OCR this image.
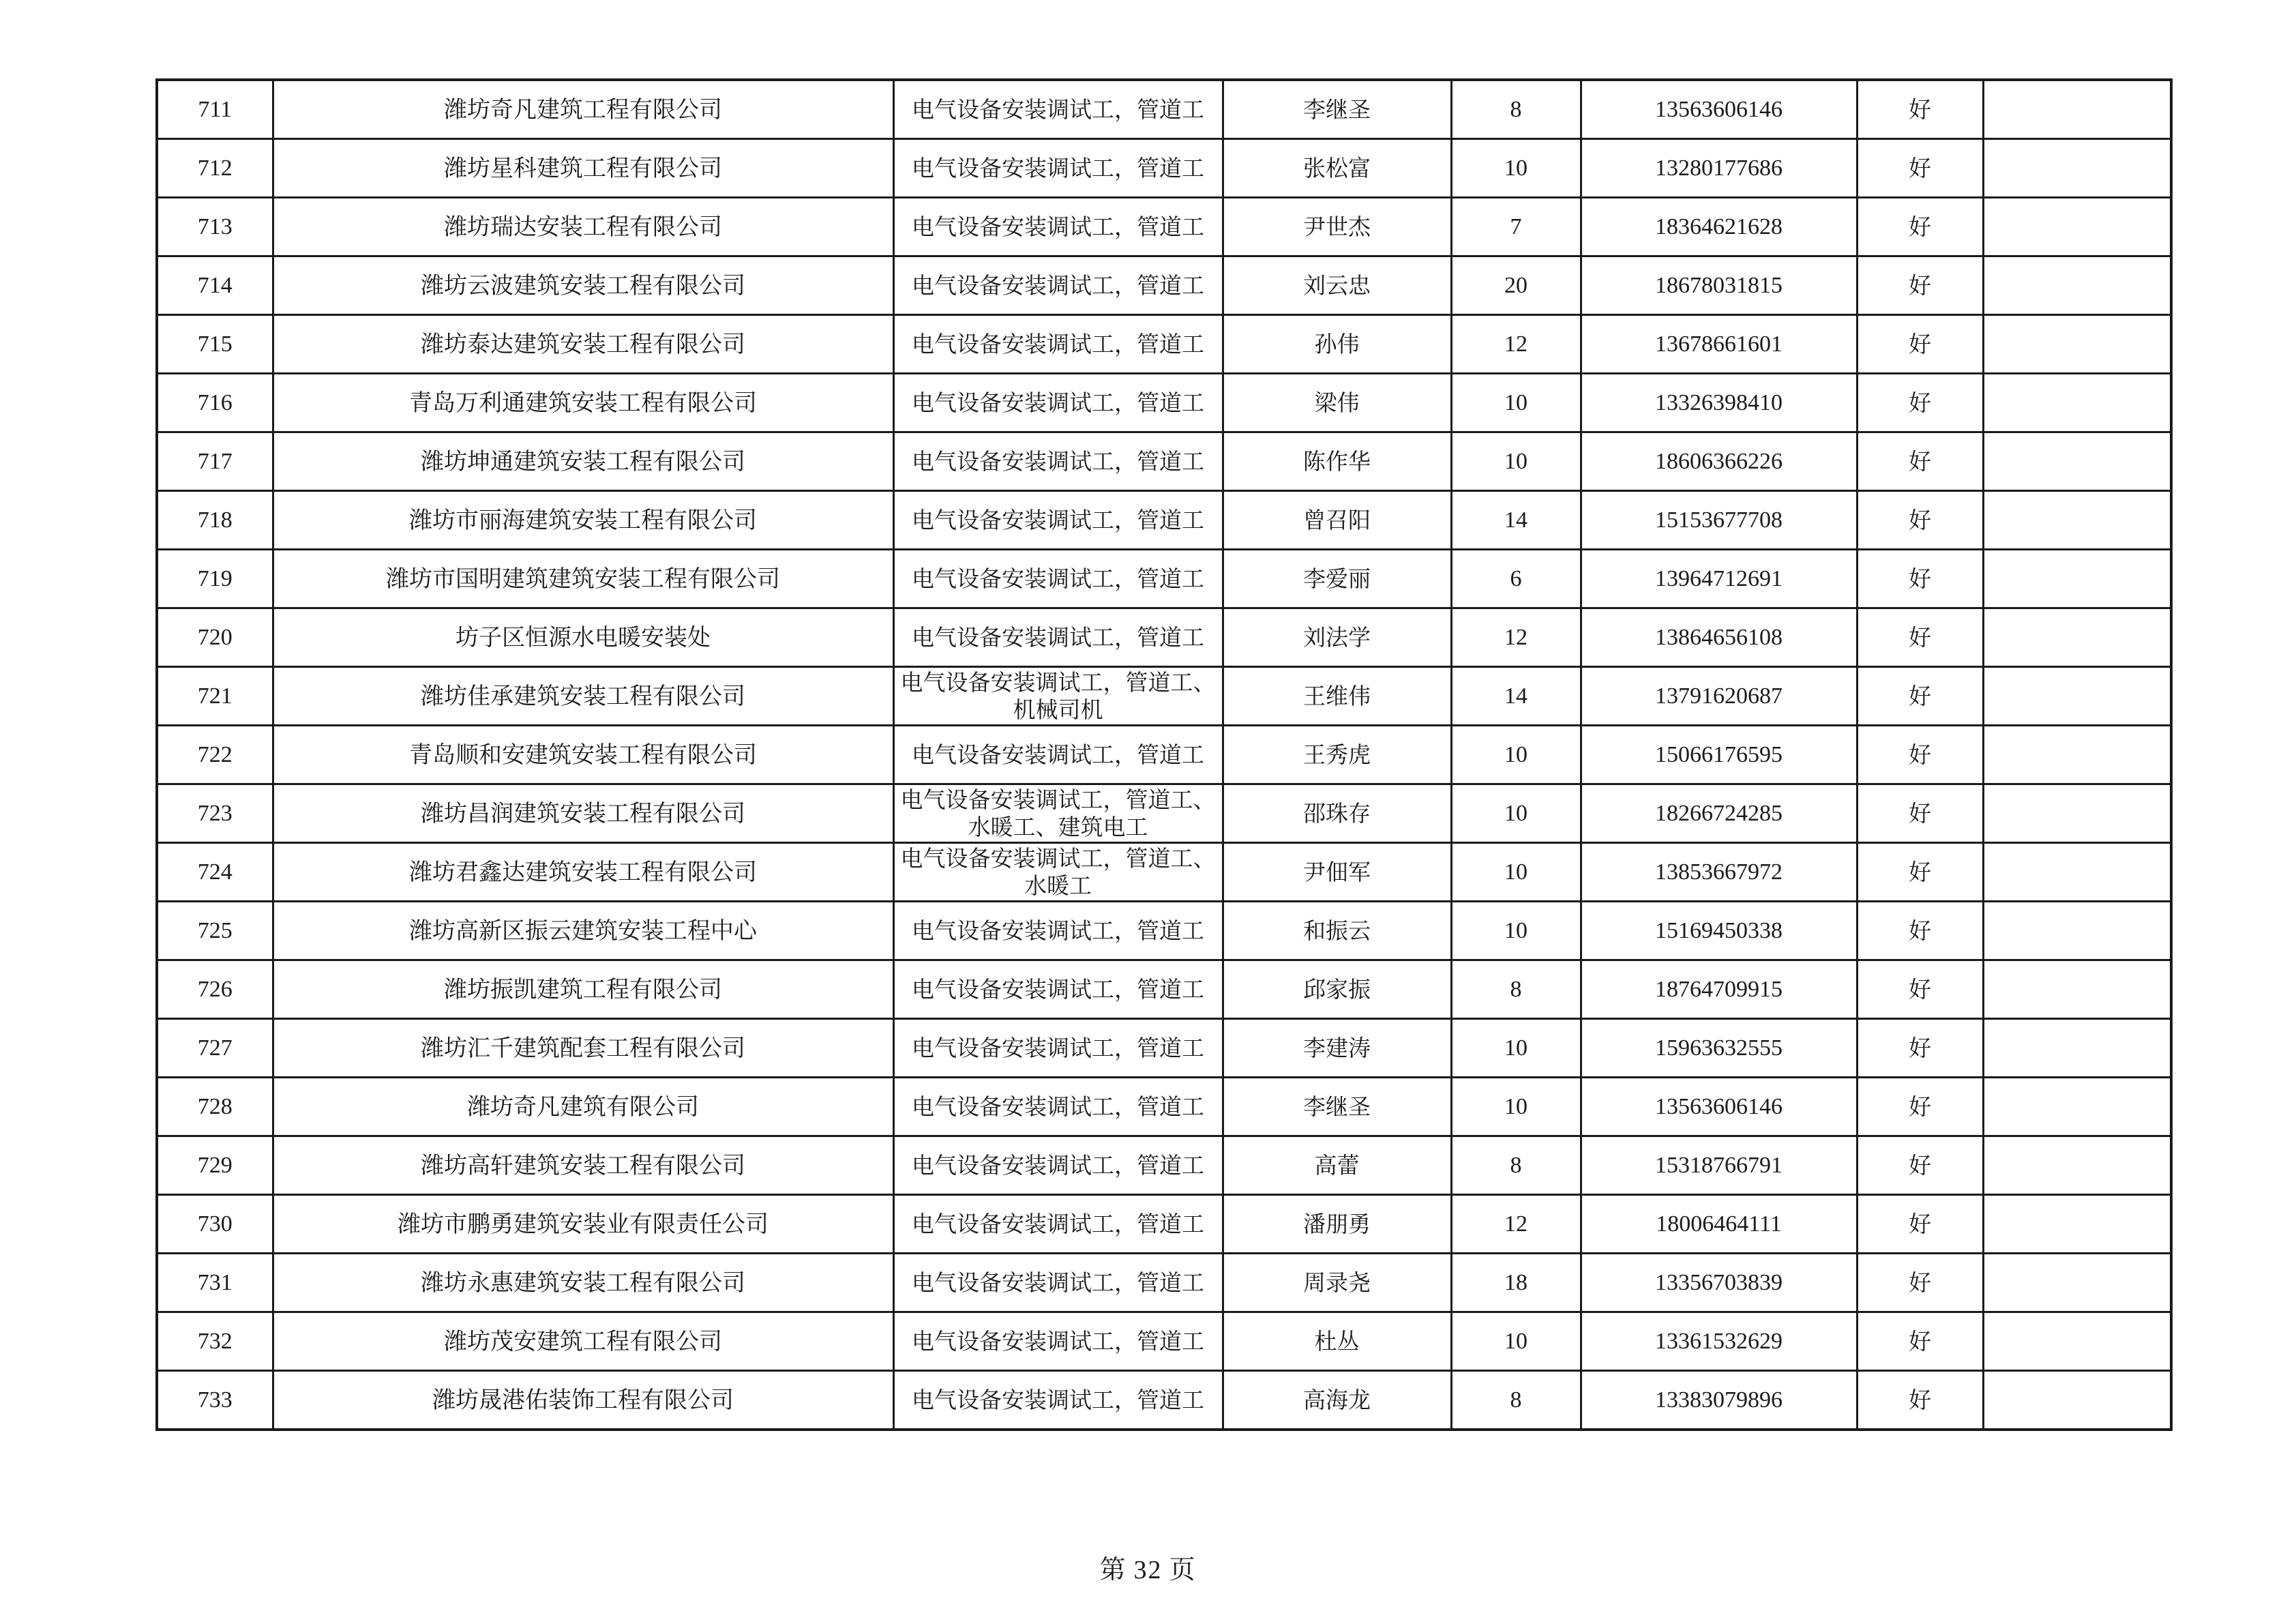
711	潍坊奇凡建筑工程有限公司	电气设备安装调试工，管道工	李继圣	8	13563606146	好	
712	潍坊星科建筑工程有限公司	电气设备安装调试工，管道工	张松富	10	13280177686	好	
713	潍坊瑞达安装工程有限公司	电气设备安装调试工，管道工	尹世杰	7	18364621628	好	
714	潍坊云波建筑安装工程有限公司	电气设备安装调试工，管道工	刘云忠	20	18678031815	好	
715	潍坊泰达建筑安装工程有限公司	电气设备安装调试工，管道工	孙伟	12	13678661601	好	
716	青岛万利通建筑安装工程有限公司	电气设备安装调试工，管道工	梁伟	10	13326398410	好	
717	潍坊坤通建筑安装工程有限公司	电气设备安装调试工，管道工	陈作华	10	18606366226	好	
718	潍坊市丽海建筑安装工程有限公司	电气设备安装调试工，管道工	曾召阳	14	15153677708	好	
719	潍坊市国明建筑建筑安装工程有限公司	电气设备安装调试工，管道工	李爱丽	6	13964712691	好	
720	坊子区恒源水电暖安装处	电气设备安装调试工，管道工	刘法学	12	13864656108	好	
721	潍坊佳承建筑安装工程有限公司	电气设备安装调试工，管道工、机械司机	王维伟	14	13791620687	好	
722	青岛顺和安建筑安装工程有限公司	电气设备安装调试工，管道工	王秀虎	10	15066176595	好	
723	潍坊昌润建筑安装工程有限公司	电气设备安装调试工，管道工、水暖工、建筑电工	邵珠存	10	18266724285	好	
724	潍坊君鑫达建筑安装工程有限公司	电气设备安装调试工，管道工、水暖工	尹佃军	10	13853667972	好	
725	潍坊高新区振云建筑安装工程中心	电气设备安装调试工，管道工	和振云	10	15169450338	好	
726	潍坊振凯建筑工程有限公司	电气设备安装调试工，管道工	邱家振	8	18764709915	好	
727	潍坊汇千建筑配套工程有限公司	电气设备安装调试工，管道工	李建涛	10	15963632555	好	
728	潍坊奇凡建筑有限公司	电气设备安装调试工，管道工	李继圣	10	13563606146	好	
729	潍坊高轩建筑安装工程有限公司	电气设备安装调试工，管道工	高蕾	8	15318766791	好	
730	潍坊市鹏勇建筑安装业有限责任公司	电气设备安装调试工，管道工	潘朋勇	12	18006464111	好	
731	潍坊永惠建筑安装工程有限公司	电气设备安装调试工，管道工	周录尧	18	13356703839	好	
732	潍坊茂安建筑工程有限公司	电气设备安装调试工，管道工	杜丛	10	13361532629	好	
733	潍坊晟港佑装饰工程有限公司	电气设备安装调试工，管道工	高海龙	8	13383079896	好	
第 32 页
